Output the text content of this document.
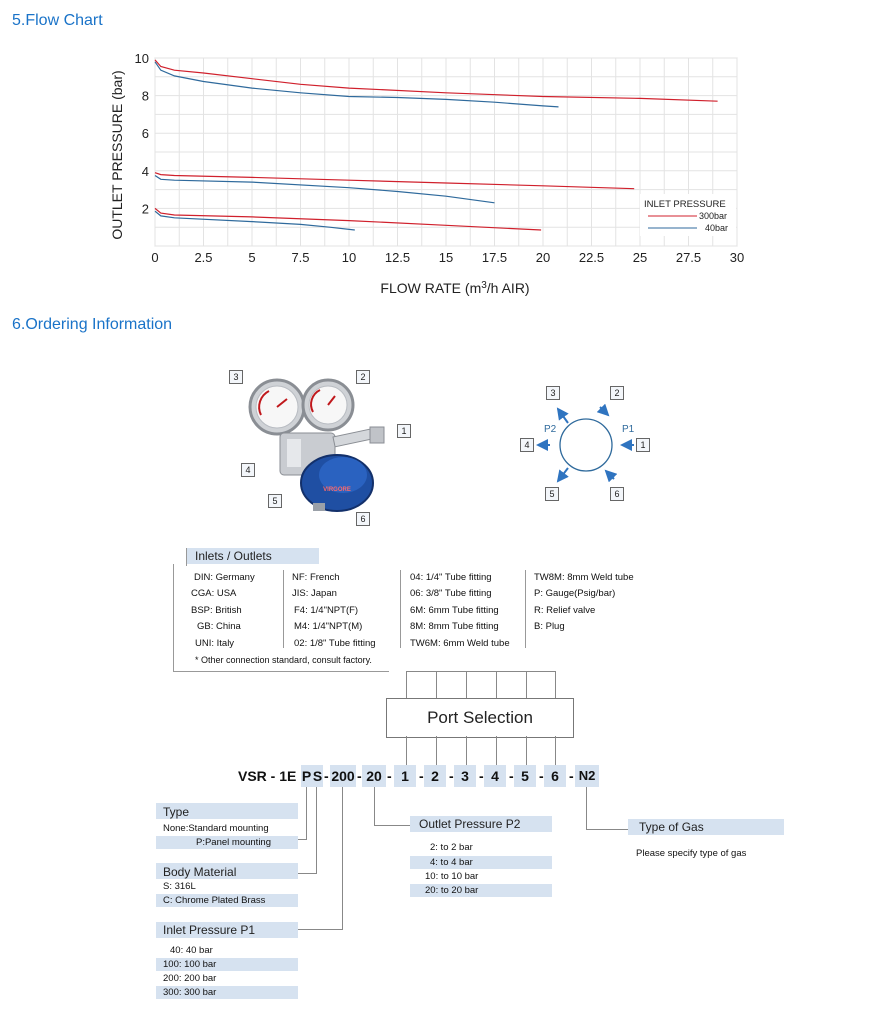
5.Flow Chart
0	2.5	5	7.5 10 12.5 15 17.5 20 22.5 25 27.5 30
2
4
6
8
10
OUTLET PRESSURE (bar)
FLOW RATE ($m^3/h$ AIR)
INLET PRESSURE
300bar
40bar
6.Ordering Information
VIRGORE
3	2
1
4
5
6
P2	P1
3	2
4	1
5	6
Inlets / Outlets
DIN: Germany
CGA: USA
BSP: British
GB: China
UNI: Italy
NF: French
JIS: Japan
F4: 1/4"NPT(F)
M4: 1/4"NPT(M)
02: 1/8" Tube fitting
04: 1/4" Tube fitting
06: 3/8" Tube fitting
6M: 6mm Tube fitting
8M: 8mm Tube fitting
TW6M: 6mm Weld tube
TW8M: 8mm Weld tube
P: Gauge(Psig/bar)
R: Relief valve
B: Plug
* Other connection standard, consult factory.
Port Selection
VSR - 1E P S - 200 - 20 - 1 - 2 - 3 - 4 - 5 - 6 - N2
Type
None:Standard mounting
P:Panel mounting
Body Material
S: 316L
C: Chrome Plated Brass
Inlet Pressure P1
40: 40 bar
100: 100 bar
200: 200 bar
300: 300 bar
Outlet Pressure P2
2: to 2 bar
4: to 4 bar
10: to 10 bar
20: to 20 bar
Type of Gas
Please specify type of gas
